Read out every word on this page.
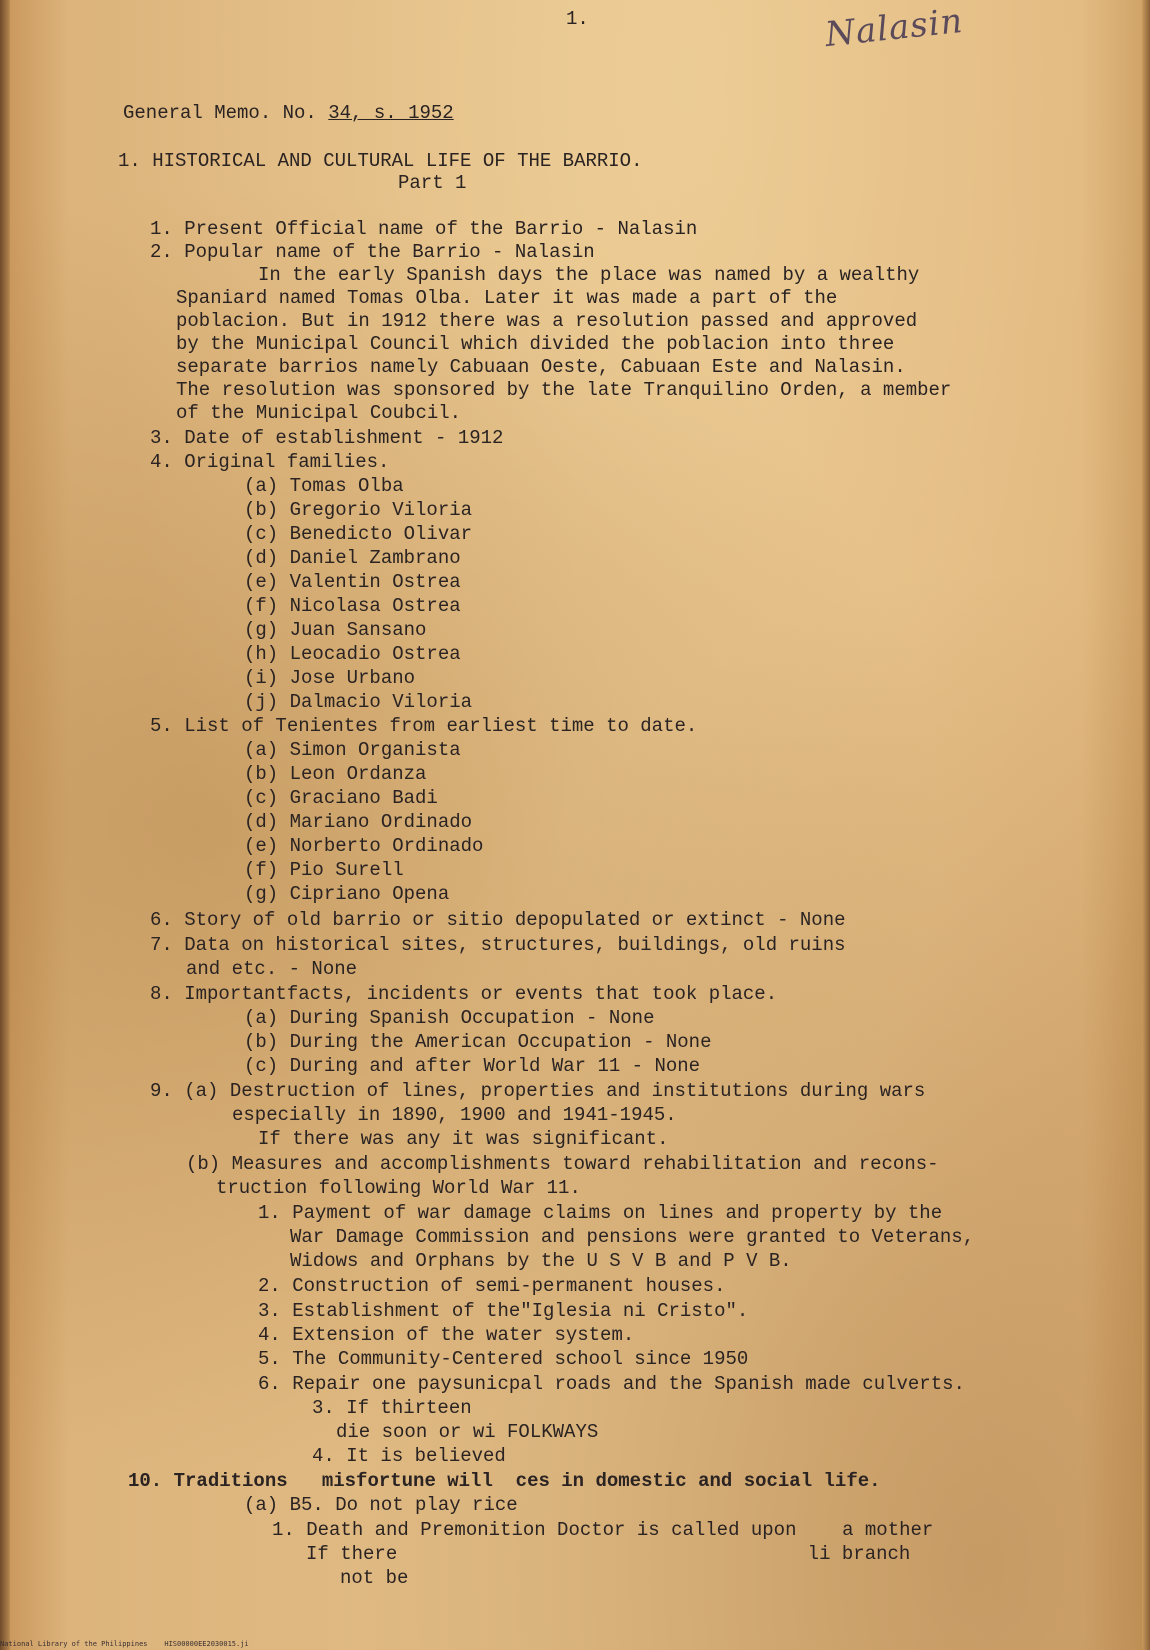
Nalasin
1.
General Memo. No. 34, s. 1952
1. HISTORICAL AND CULTURAL LIFE OF THE BARRIO.
Part 1
1. Present Official name of the Barrio - Nalasin
2. Popular name of the Barrio - Nalasin
In the early Spanish days the place was named by a wealthy
Spaniard named Tomas Olba. Later it was made a part of the
poblacion. But in 1912 there was a resolution passed and approved
by the Municipal Council which divided the poblacion into three
separate barrios namely Cabuaan Oeste, Cabuaan Este and Nalasin.
The resolution was sponsored by the late Tranquilino Orden, a member
of the Municipal Coubcil.
3. Date of establishment - 1912
4. Original families.
(a) Tomas Olba
(b) Gregorio Viloria
(c) Benedicto Olivar
(d) Daniel Zambrano
(e) Valentin Ostrea
(f) Nicolasa Ostrea
(g) Juan Sansano
(h) Leocadio Ostrea
(i) Jose Urbano
(j) Dalmacio Viloria
5. List of Tenientes from earliest time to date.
(a) Simon Organista
(b) Leon Ordanza
(c) Graciano Badi
(d) Mariano Ordinado
(e) Norberto Ordinado
(f) Pio Surell
(g) Cipriano Opena
6. Story of old barrio or sitio depopulated or extinct - None
7. Data on historical sites, structures, buildings, old ruins
and etc. - None
8. Importantfacts, incidents or events that took place.
(a) During Spanish Occupation - None
(b) During the American Occupation - None
(c) During and after World War 11 - None
9. (a) Destruction of lines, properties and institutions during wars
especially in 1890, 1900 and 1941-1945.
If there was any it was significant.
(b) Measures and accomplishments toward rehabilitation and recons-
truction following World War 11.
1. Payment of war damage claims on lines and property by the
War Damage Commission and pensions were granted to Veterans,
Widows and Orphans by the U S V B and P V B.
2. Construction of semi-permanent houses.
3. Establishment of the"Iglesia ni Cristo".
4. Extension of the water system.
5. The Community-Centered school since 1950
6. Repair one paysunicpal roads and the Spanish made culverts.
3. If thirteen
die soon or wi FOLKWAYS
4. It is believed
10. Traditions   misfortune will  ces in domestic and social life.
(a) B5. Do not play rice
1. Death and Premonition Doctor is called upon    a mother
If there                                    li branch
not be
National Library of the Philippines    HIS00000EE2030015.ji
